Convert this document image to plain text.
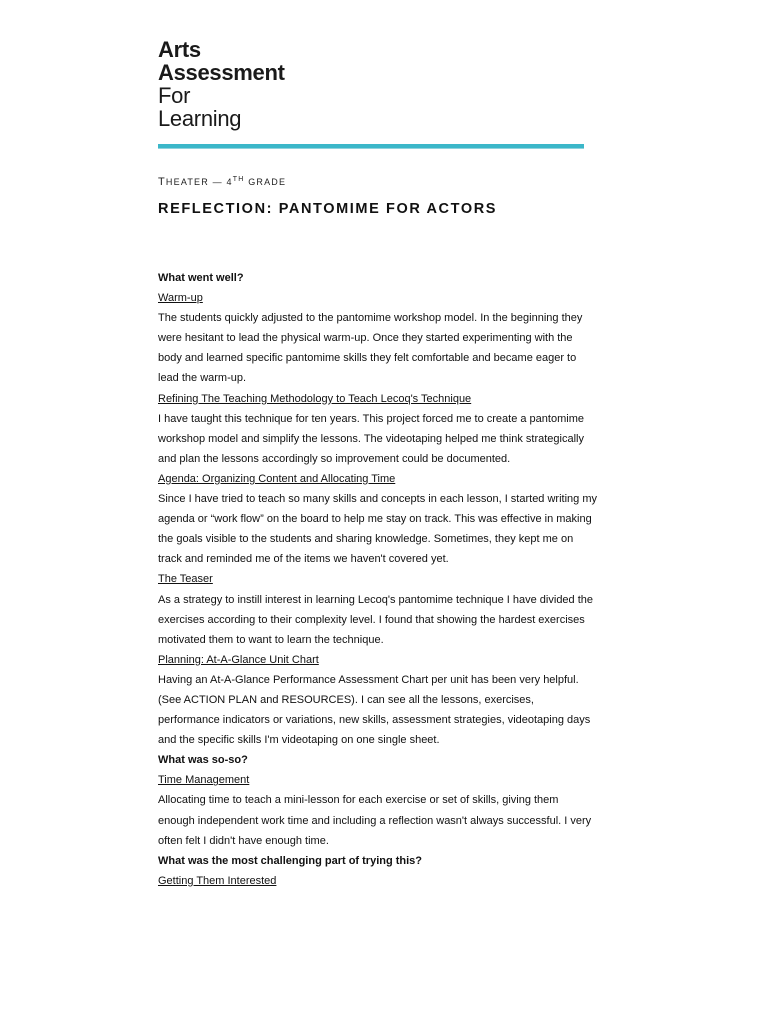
Arts
Assessment
For
Learning
THEATER — 4TH GRADE
REFLECTION: PANTOMIME FOR ACTORS
What went well?
Warm-up
The students quickly adjusted to the pantomime workshop model. In the beginning they
were hesitant to lead the physical warm-up. Once they started experimenting with the
body and learned specific pantomime skills they felt comfortable and became eager to
lead the warm-up.
Refining The Teaching Methodology to Teach Lecoq's Technique
I have taught this technique for ten years. This project forced me to create a pantomime
workshop model and simplify the lessons. The videotaping helped me think strategically
and plan the lessons accordingly so improvement could be documented.
Agenda: Organizing Content and Allocating Time
Since I have tried to teach so many skills and concepts in each lesson, I started writing my
agenda or “work flow” on the board to help me stay on track. This was effective in making
the goals visible to the students and sharing knowledge. Sometimes, they kept me on
track and reminded me of the items we haven't covered yet.
The Teaser
As a strategy to instill interest in learning Lecoq's pantomime technique I have divided the
exercises according to their complexity level. I found that showing the hardest exercises
motivated them to want to learn the technique.
Planning: At-A-Glance Unit Chart
Having an At-A-Glance Performance Assessment Chart per unit has been very helpful.
(See ACTION PLAN and RESOURCES). I can see all the lessons, exercises,
performance indicators or variations, new skills, assessment strategies, videotaping days
and the specific skills I'm videotaping on one single sheet.
What was so-so?
Time Management
Allocating time to teach a mini-lesson for each exercise or set of skills, giving them
enough independent work time and including a reflection wasn't always successful. I very
often felt I didn't have enough time.
What was the most challenging part of trying this?
Getting Them Interested
